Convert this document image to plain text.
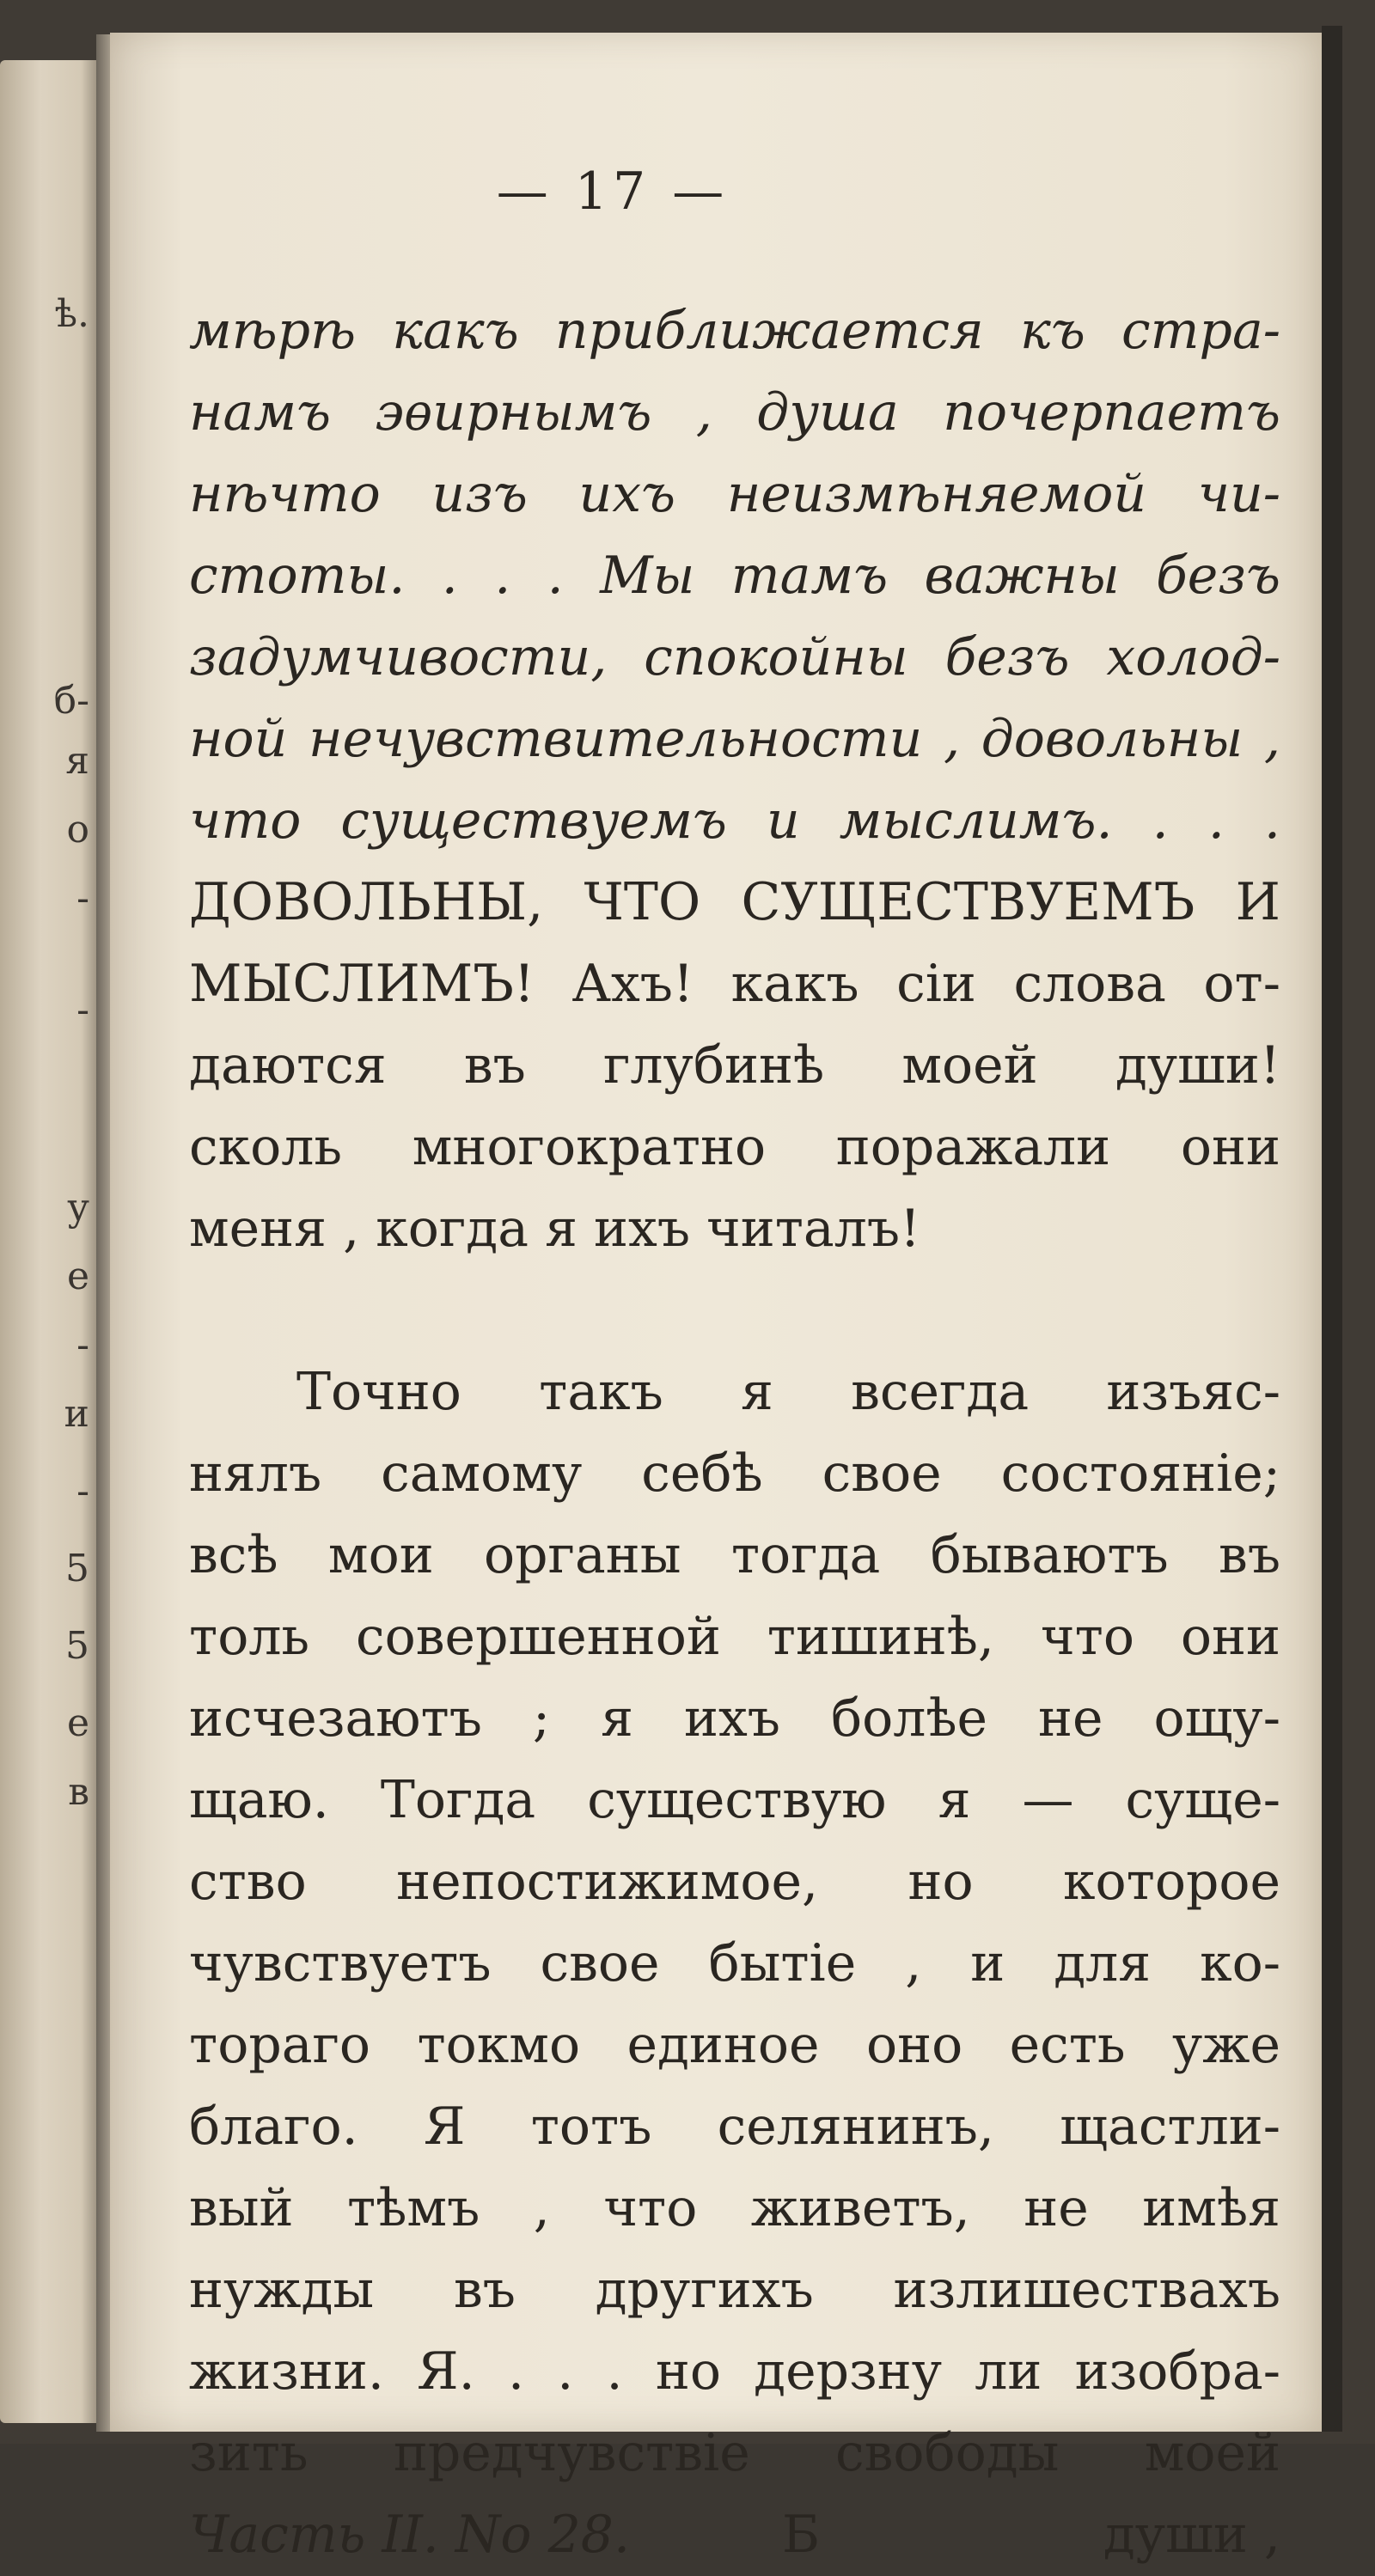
ѣ.
б-
я
о
-
-
у
е
-
и
-
5
5
е
в
— 17 —
мѣрѣ какъ приближается къ стра-
намъ эѳирнымъ , душа почерпаетъ
нѣчто изъ ихъ неизмѣняемой чи-
стоты. . . . Мы тамъ важны безъ
задумчивости, спокойны безъ холод-
ной нечувствительности , довольны ,
что существуемъ и мыслимъ. . . .
ДОВОЛЬНЫ, ЧТО СУЩЕСТВУЕМЪ И
МЫСЛИМЪ! Ахъ! какъ сіи слова от-
даются въ глубинѣ моей души!
сколь многократно поражали они
меня , когда я ихъ читалъ!
Точно такъ я всегда изъяс-
нялъ самому себѣ свое состояніе;
всѣ мои органы тогда бываютъ въ
толь совершенной тишинѣ, что они
исчезаютъ ; я ихъ болѣе не ощу-
щаю. Тогда существую я — суще-
ство непостижимое, но которое
чувствуетъ свое бытіе , и для ко-
тораго токмо единое оно есть уже
благо. Я тотъ селянинъ, щастли-
вый тѣмъ , что живетъ, не имѣя
нужды въ другихъ излишествахъ
жизни. Я. . . . но дерзну ли изобра-
зить предчувствіе свободы моей
Часть II. No 28.	Б	души ,
